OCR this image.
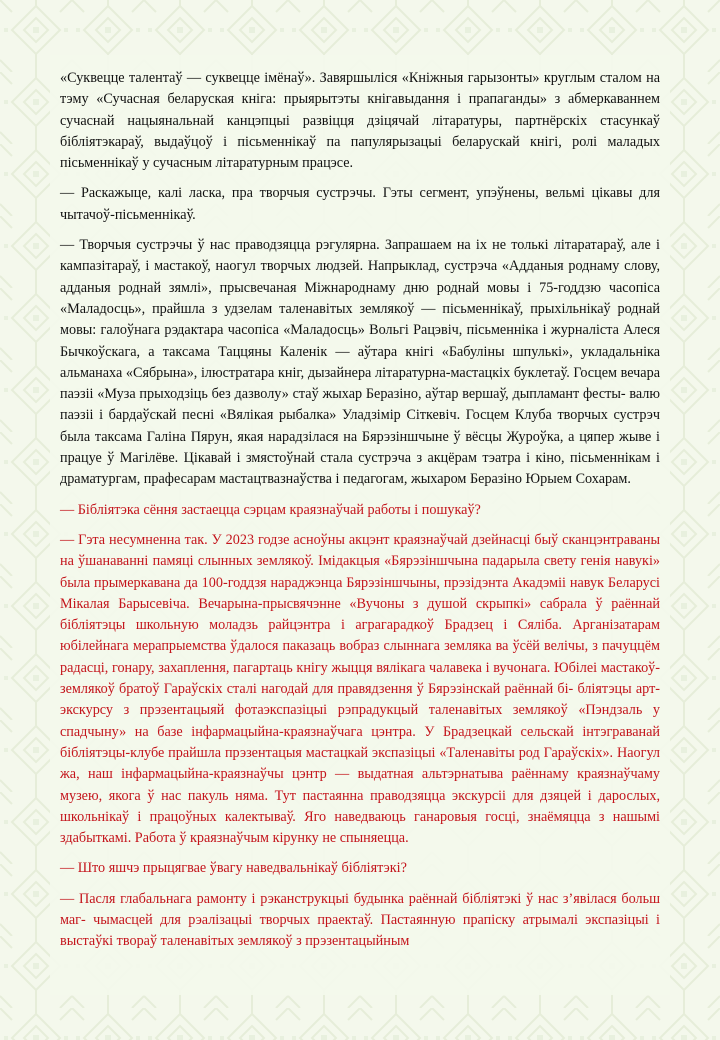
«Суквецце талентаў — суквецце імёнаў». Завяршыліся «Кніжныя гарызонты» круглым сталом на тэму «Сучасная беларуская кніга: прыярытэты кнігавыдання і прапаганды» з абмеркаваннем сучаснай нацыянальнай канцэпцыі развіцця дзіцячай літаратуры, партнёрскіх стасункаў бібліятэкараў, выдаўцоў і пісьменнікаў па папулярызацыі беларускай кнігі, ролі маладых пісьменнікаў у сучасным літаратурным працэсе.

— Раскажыце, калі ласка, пра творчыя сустрэчы. Гэты сегмент, упэўнены, вельмі цікавы для чытачоў-пісьменнікаў.

— Творчыя сустрэчы ў нас праводзяцца рэгулярна. Запрашаем на іх не толькі літаратараў, але і кампазітараў, і мастакоў, наогул творчых людзей. Напрыклад, сустрэча «Адданыя роднаму слову, адданыя роднай зямлі», прысвечаная Міжнароднаму дню роднай мовы і 75-годдзю часопіса «Маладосць», прайшла з удзелам таленавітых землякоў — пісьменнікаў, прыхільнікаў роднай мовы: галоўнага рэдактара часопіса «Маладосць» Вольгі Рацэвіч, пісьменніка і журналіста Алеся Бычкоўскага, а таксама Таццяны Каленік — аўтара кнігі «Бабуліны шпулькі», укладальніка альманаха «Сябрына», ілюстратара кніг, дызайнера літаратурна-мастацкіх буклетаў. Госцем вечара паэзіі «Муза прыходзіць без дазволу» стаў жыхар Беразіно, аўтар вершаў, дыпламант фесты- валю паэзіі і бардаўскай песні «Вялікая рыбалка» Уладзімір Сіткевіч. Госцем Клуба творчых сустрэч была таксама Галіна Пярун, якая нарадзілася на Бярэзіншчыне ў вёсцы Журоўка, а цяпер жыве і працуе ў Магілёве. Цікавай і змястоўнай стала сустрэча з акцёрам тэатра і кіно, пісьменнікам і драматургам, прафесарам мастацтвазнаўства і педагогам, жыхаром Беразіно Юрыем Сохарам.

— Бібліятэка сёння застаецца сэрцам краязнаўчай работы і пошукаў?

— Гэта несумненна так. У 2023 годзе асноўны акцэнт краязнаўчай дзейнасці быў сканцэнтраваны на ўшанаванні памяці слынных землякоў. Імідакцыя «Бярэзіншчына падарыла свету генія навукі» была прымеркавана да 100-годдзя нараджэнца Бярэзіншчыны, прэзідэнта Акадэміі навук Беларусі Мікалая Барысевіча. Вечарына-прысвячэнне «Вучоны з душой скрыпкі» сабрала ў раённай бібліятэцы школьную моладзь райцэнтра і аграгарадкоў Брадзец і Сяліба. Арганізатарам юбілейнага мерапрыемства ўдалося паказаць вобраз слыннага земляка ва ўсёй велічы, з пачуццём радасці, гонару, захаплення, пагартаць кнігу жыцця вялікага чалавека і вучонага. Юбілеі мастакоў-землякоў братоў Гараўскіх сталі нагодай для правядзення ў Бярэзінскай раённай бі- бліятэцы арт-экскурсу з прэзентацыяй фотаэкспазіцыі рэпрадукцый таленавітых землякоў «Пэндзаль у спадчыну» на базе інфармацыйна-краязнаўчага цэнтра. У Брадзецкай сельскай інтэграванай бібліятэцы-клубе прайшла прэзентацыя мастацкай экспазіцыі «Таленавіты род Гараўскіх». Наогул жа, наш інфармацыйна-краязнаўчы цэнтр — выдатная альтэрнатыва раённаму краязнаўчаму музею, якога ў нас пакуль няма. Тут пастаянна праводзяцца экскурсіі для дзяцей і дарослых, школьнікаў і працоўных калектываў. Яго наведваюць ганаровыя госці, знаёмяцца з нашымі здабыткамі. Работа ў краязнаўчым кірунку не спыняецца.

— Што яшчэ прыцягвае ўвагу наведвальнікаў бібліятэкі?

— Пасля глабальнага рамонту і рэканструкцыі будынка раённай бібліятэкі ў нас з’явілася больш маг- чымасцей для рэалізацыі творчых праектаў. Пастаянную прапіску атрымалі экспазіцыі і выстаўкі твораў таленавітых землякоў з прэзентацыйным
